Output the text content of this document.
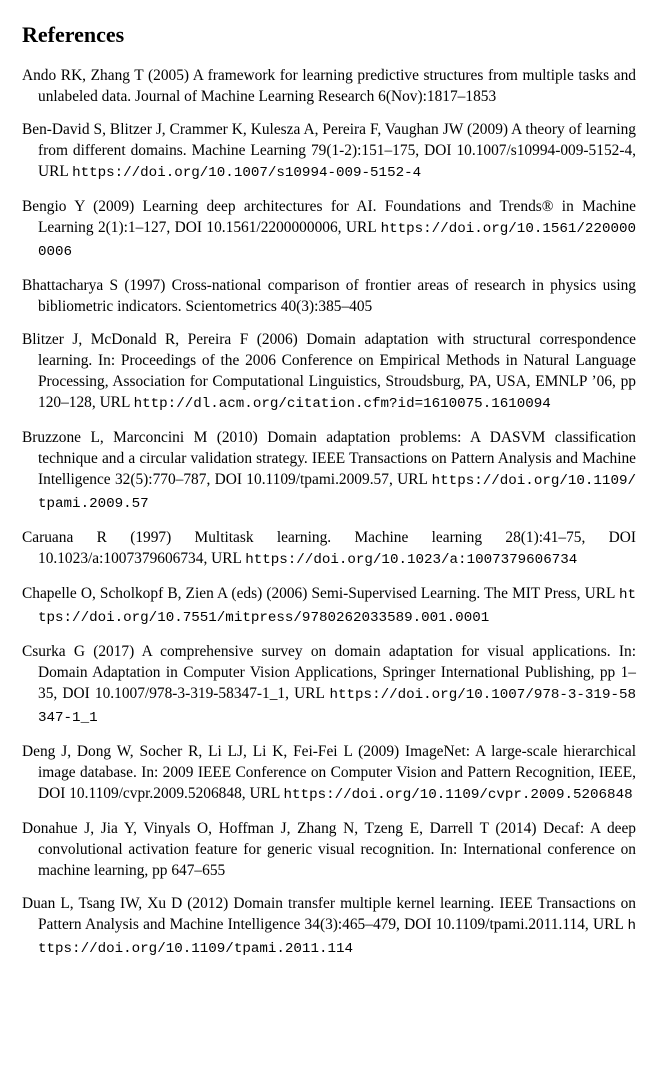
References

Ando RK, Zhang T (2005) A framework for learning predictive structures from multiple tasks and unlabeled data. Journal of Machine Learning Research 6(Nov):1817–1853

Ben-David S, Blitzer J, Crammer K, Kulesza A, Pereira F, Vaughan JW (2009) A theory of learning from different domains. Machine Learning 79(1-2):151–175, DOI 10.1007/s10994-009-5152-4, URL https://doi.org/10.1007/s10994-009-5152-4

Bengio Y (2009) Learning deep architectures for AI. Foundations and Trends® in Machine Learning 2(1):1–127, DOI 10.1561/2200000006, URL https://doi.org/10.1561/2200000006

Bhattacharya S (1997) Cross-national comparison of frontier areas of research in physics using bibliometric indicators. Scientometrics 40(3):385–405

Blitzer J, McDonald R, Pereira F (2006) Domain adaptation with structural correspondence learning. In: Proceedings of the 2006 Conference on Empirical Methods in Natural Language Processing, Association for Computational Linguistics, Stroudsburg, PA, USA, EMNLP ’06, pp 120–128, URL http://dl.acm.org/citation.cfm?id=1610075.1610094

Bruzzone L, Marconcini M (2010) Domain adaptation problems: A DASVM classification technique and a circular validation strategy. IEEE Transactions on Pattern Analysis and Machine Intelligence 32(5):770–787, DOI 10.1109/tpami.2009.57, URL https://doi.org/10.1109/tpami.2009.57

Caruana R (1997) Multitask learning. Machine learning 28(1):41–75, DOI 10.1023/a:1007379606734, URL https://doi.org/10.1023/a:1007379606734

Chapelle O, Scholkopf B, Zien A (eds) (2006) Semi-Supervised Learning. The MIT Press, URL https://doi.org/10.7551/mitpress/9780262033589.001.0001

Csurka G (2017) A comprehensive survey on domain adaptation for visual applications. In: Domain Adaptation in Computer Vision Applications, Springer International Publishing, pp 1–35, DOI 10.1007/978-3-319-58347-1_1, URL https://doi.org/10.1007/978-3-319-58347-1_1

Deng J, Dong W, Socher R, Li LJ, Li K, Fei-Fei L (2009) ImageNet: A large-scale hierarchical image database. In: 2009 IEEE Conference on Computer Vision and Pattern Recognition, IEEE, DOI 10.1109/cvpr.2009.5206848, URL https://doi.org/10.1109/cvpr.2009.5206848

Donahue J, Jia Y, Vinyals O, Hoffman J, Zhang N, Tzeng E, Darrell T (2014) Decaf: A deep convolutional activation feature for generic visual recognition. In: International conference on machine learning, pp 647–655

Duan L, Tsang IW, Xu D (2012) Domain transfer multiple kernel learning. IEEE Transactions on Pattern Analysis and Machine Intelligence 34(3):465–479, DOI 10.1109/tpami.2011.114, URL https://doi.org/10.1109/tpami.2011.114
